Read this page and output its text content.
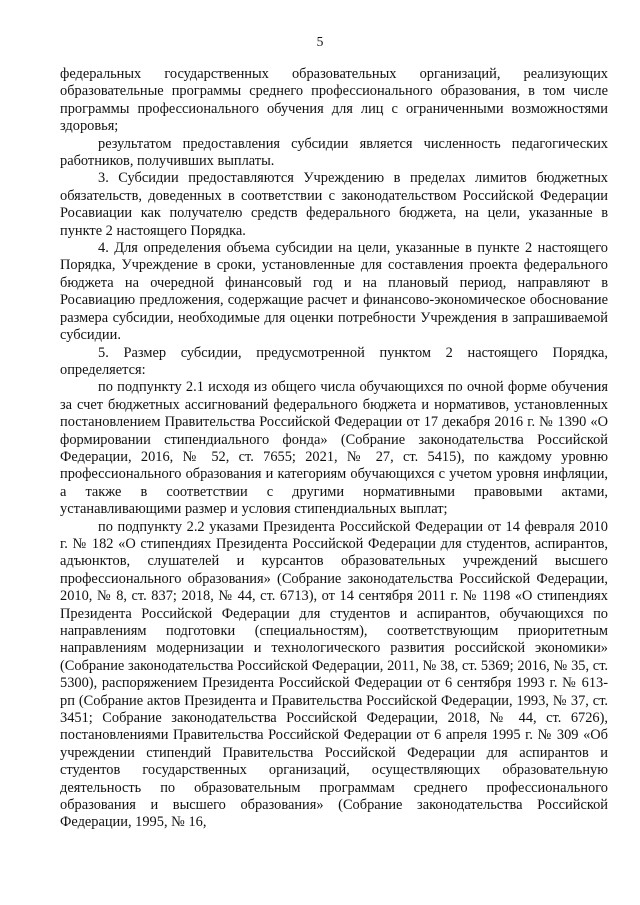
5

федеральных государственных образовательных организаций, реализующих образовательные программы среднего профессионального образования, в том числе программы профессионального обучения для лиц с ограниченными возможностями здоровья;

результатом предоставления субсидии является численность педагогических работников, получивших выплаты.

3. Субсидии предоставляются Учреждению в пределах лимитов бюджетных обязательств, доведенных в соответствии с законодательством Российской Федерации Росавиации как получателю средств федерального бюджета, на цели, указанные в пункте 2 настоящего Порядка.

4. Для определения объема субсидии на цели, указанные в пункте 2 настоящего Порядка, Учреждение в сроки, установленные для составления проекта федерального бюджета на очередной финансовый год и на плановый период, направляют в Росавиацию предложения, содержащие расчет и финансово-экономическое обоснование размера субсидии, необходимые для оценки потребности Учреждения в запрашиваемой субсидии.

5. Размер субсидии, предусмотренной пунктом 2 настоящего Порядка, определяется:

по подпункту 2.1 исходя из общего числа обучающихся по очной форме обучения за счет бюджетных ассигнований федерального бюджета и нормативов, установленных постановлением Правительства Российской Федерации от 17 декабря 2016 г. № 1390 «О формировании стипендиального фонда» (Собрание законодательства Российской Федерации, 2016, № 52, ст. 7655; 2021, № 27, ст. 5415), по каждому уровню профессионального образования и категориям обучающихся с учетом уровня инфляции, а также в соответствии с другими нормативными правовыми актами, устанавливающими размер и условия стипендиальных выплат;

по подпункту 2.2 указами Президента Российской Федерации от 14 февраля 2010 г. № 182 «О стипендиях Президента Российской Федерации для студентов, аспирантов, адъюнктов, слушателей и курсантов образовательных учреждений высшего профессионального образования» (Собрание законодательства Российской Федерации, 2010, № 8, ст. 837; 2018, № 44, ст. 6713), от 14 сентября 2011 г. № 1198 «О стипендиях Президента Российской Федерации для студентов и аспирантов, обучающихся по направлениям подготовки (специальностям), соответствующим приоритетным направлениям модернизации и технологического развития российской экономики» (Собрание законодательства Российской Федерации, 2011, № 38, ст. 5369; 2016, № 35, ст. 5300), распоряжением Президента Российской Федерации от 6 сентября 1993 г. № 613-рп (Собрание актов Президента и Правительства Российской Федерации, 1993, № 37, ст. 3451; Собрание законодательства Российской Федерации, 2018, № 44, ст. 6726), постановлениями Правительства Российской Федерации от 6 апреля 1995 г. № 309 «Об учреждении стипендий Правительства Российской Федерации для аспирантов и студентов государственных организаций, осуществляющих образовательную деятельность по образовательным программам среднего профессионального образования и высшего образования» (Собрание законодательства Российской Федерации, 1995, № 16,
